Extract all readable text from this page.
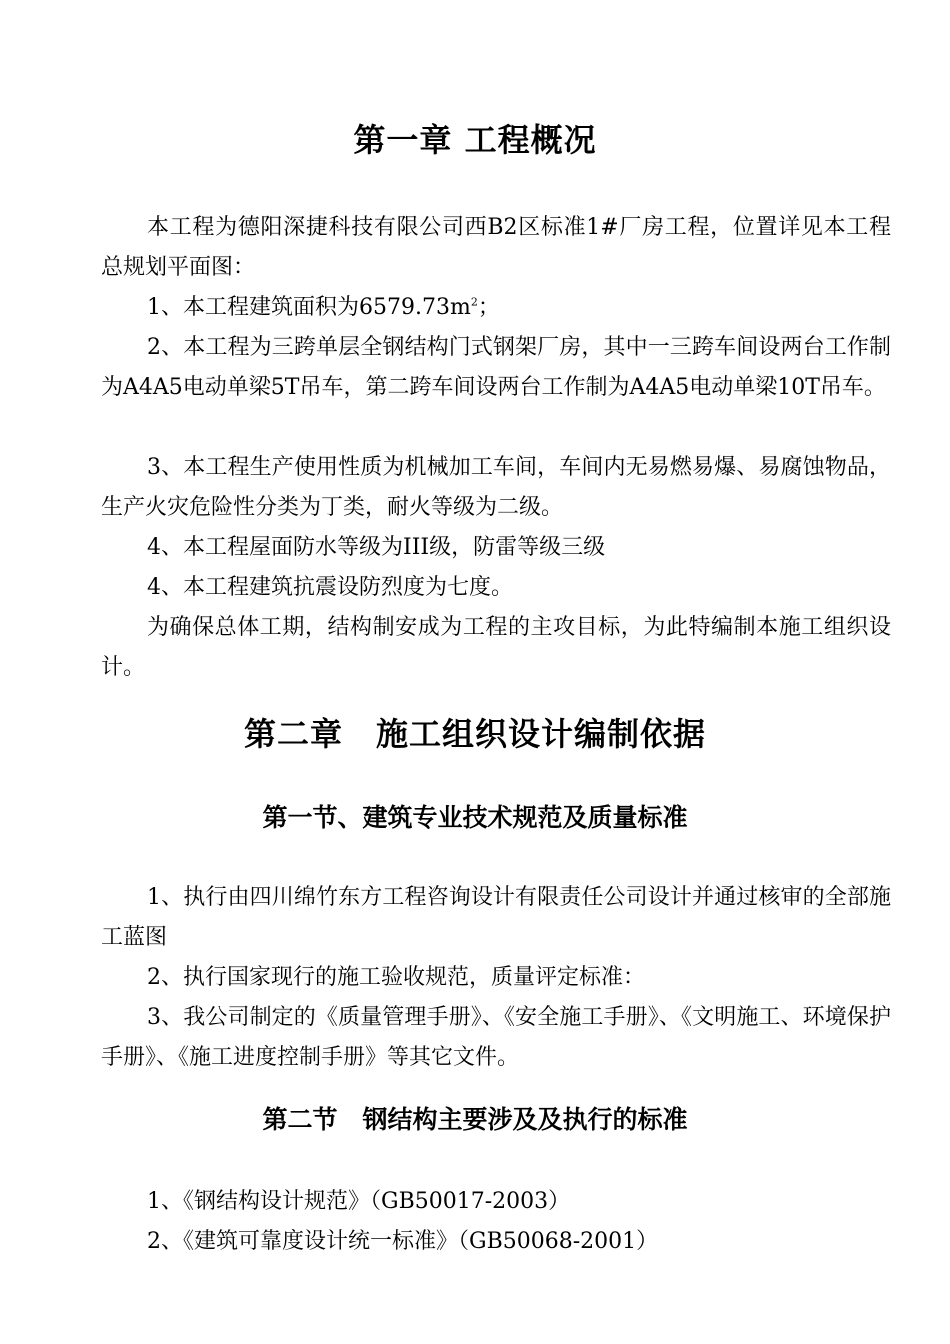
第一章 工程概况

本工程为德阳深捷科技有限公司西B2区标准1#厂房工程，位置详见本工程总规划平面图：

1、本工程建筑面积为$6579.73m^2$；

2、本工程为三跨单层全钢结构门式钢架厂房，其中一三跨车间设两台工作制为A4A5电动单梁5T吊车，第二跨车间设两台工作制为A4A5电动单梁10T吊车。

3、本工程生产使用性质为机械加工车间，车间内无易燃易爆、易腐蚀物品，生产火灾危险性分类为丁类，耐火等级为二级。

4、本工程屋面防水等级为III级，防雷等级三级

4、本工程建筑抗震设防烈度为七度。

为确保总体工期，结构制安成为工程的主攻目标，为此特编制本施工组织设计。

第二章　施工组织设计编制依据
第一节、建筑专业技术规范及质量标准

1、执行由四川绵竹东方工程咨询设计有限责任公司设计并通过核审的全部施工蓝图

2、执行国家现行的施工验收规范，质量评定标准：

3、我公司制定的《质量管理手册》、《安全施工手册》、《文明施工、环境保护手册》、《施工进度控制手册》等其它文件。

第二节　钢结构主要涉及及执行的标准

1、《钢结构设计规范》（GB50017-2003）

2、《建筑可靠度设计统一标准》（GB50068-2001）
